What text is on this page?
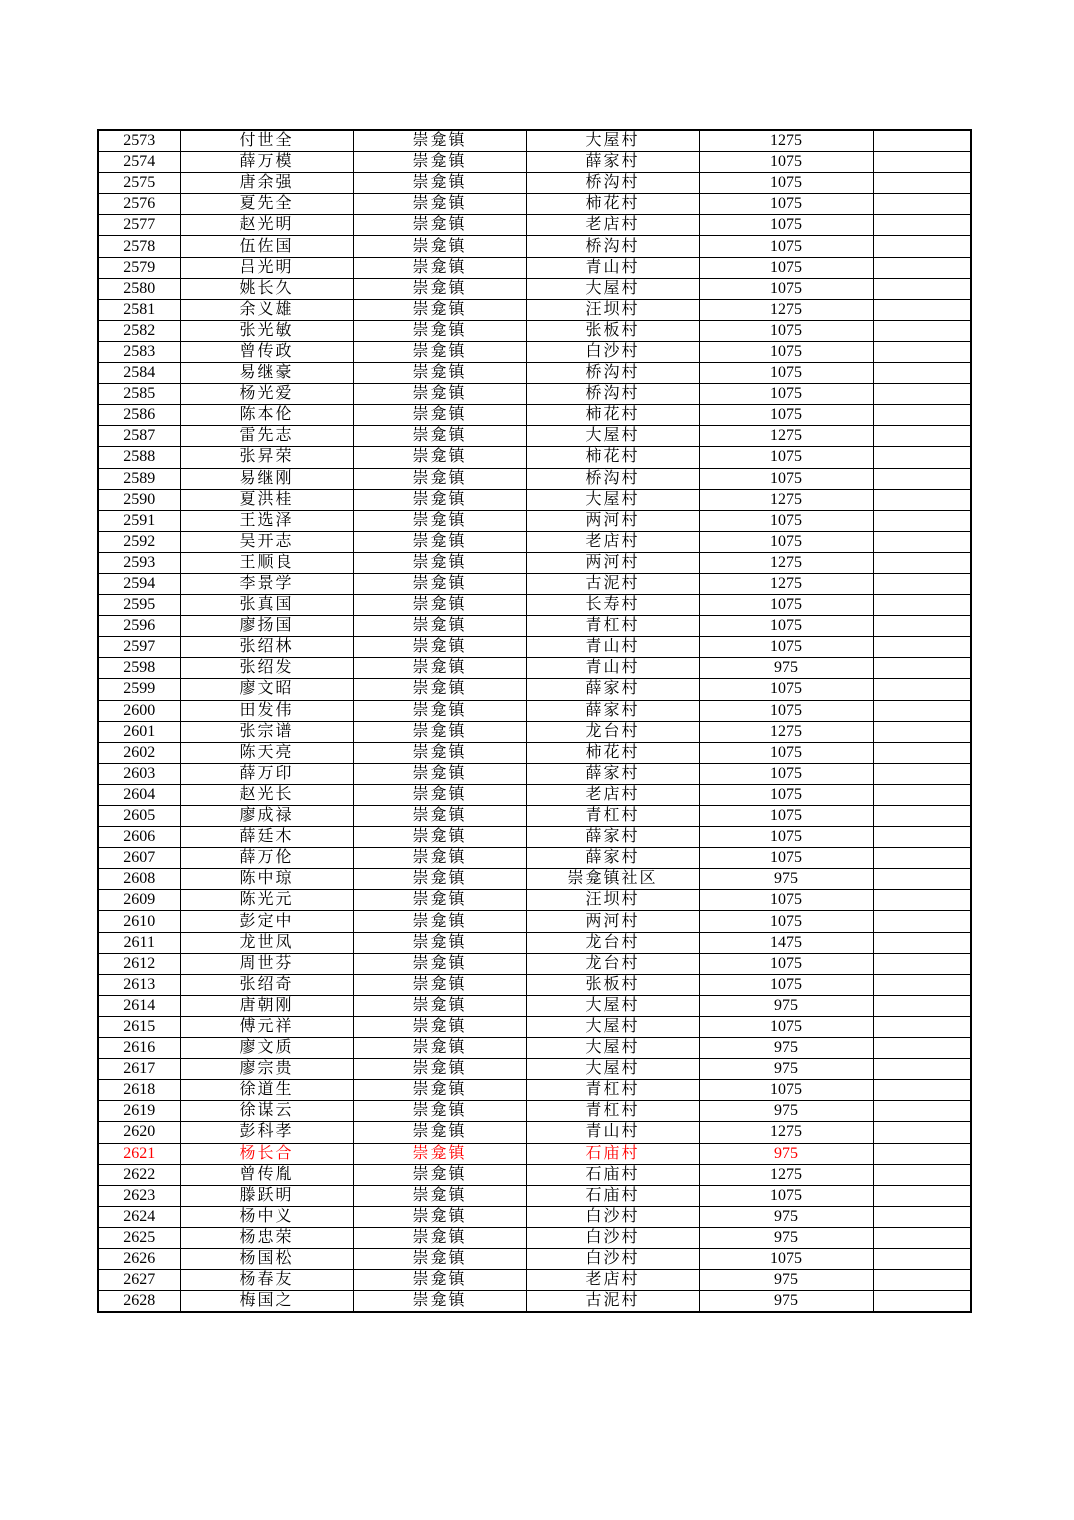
2573	付世全	崇龛镇	大屋村	1275	
2574	薛万模	崇龛镇	薛家村	1075	
2575	唐余强	崇龛镇	桥沟村	1075	
2576	夏先全	崇龛镇	柿花村	1075	
2577	赵光明	崇龛镇	老店村	1075	
2578	伍佐国	崇龛镇	桥沟村	1075	
2579	吕光明	崇龛镇	青山村	1075	
2580	姚长久	崇龛镇	大屋村	1075	
2581	余义雄	崇龛镇	汪坝村	1275	
2582	张光敏	崇龛镇	张板村	1075	
2583	曾传政	崇龛镇	白沙村	1075	
2584	易继豪	崇龛镇	桥沟村	1075	
2585	杨光爱	崇龛镇	桥沟村	1075	
2586	陈本伦	崇龛镇	柿花村	1075	
2587	雷先志	崇龛镇	大屋村	1275	
2588	张昇荣	崇龛镇	柿花村	1075	
2589	易继刚	崇龛镇	桥沟村	1075	
2590	夏洪桂	崇龛镇	大屋村	1275	
2591	王选泽	崇龛镇	两河村	1075	
2592	吴开志	崇龛镇	老店村	1075	
2593	王顺良	崇龛镇	两河村	1275	
2594	李景学	崇龛镇	古泥村	1275	
2595	张真国	崇龛镇	长寿村	1075	
2596	廖扬国	崇龛镇	青杠村	1075	
2597	张绍林	崇龛镇	青山村	1075	
2598	张绍发	崇龛镇	青山村	975	
2599	廖文昭	崇龛镇	薛家村	1075	
2600	田发伟	崇龛镇	薛家村	1075	
2601	张宗谱	崇龛镇	龙台村	1275	
2602	陈天亮	崇龛镇	柿花村	1075	
2603	薛万印	崇龛镇	薛家村	1075	
2604	赵光长	崇龛镇	老店村	1075	
2605	廖成禄	崇龛镇	青杠村	1075	
2606	薛廷木	崇龛镇	薛家村	1075	
2607	薛万伦	崇龛镇	薛家村	1075	
2608	陈中琼	崇龛镇	崇龛镇社区	975	
2609	陈光元	崇龛镇	汪坝村	1075	
2610	彭定中	崇龛镇	两河村	1075	
2611	龙世凤	崇龛镇	龙台村	1475	
2612	周世芬	崇龛镇	龙台村	1075	
2613	张绍奇	崇龛镇	张板村	1075	
2614	唐朝刚	崇龛镇	大屋村	975	
2615	傅元祥	崇龛镇	大屋村	1075	
2616	廖文质	崇龛镇	大屋村	975	
2617	廖宗贵	崇龛镇	大屋村	975	
2618	徐道生	崇龛镇	青杠村	1075	
2619	徐谋云	崇龛镇	青杠村	975	
2620	彭科孝	崇龛镇	青山村	1275	
2621	杨长合	崇龛镇	石庙村	975	
2622	曾传胤	崇龛镇	石庙村	1275	
2623	滕跃明	崇龛镇	石庙村	1075	
2624	杨中义	崇龛镇	白沙村	975	
2625	杨忠荣	崇龛镇	白沙村	975	
2626	杨国松	崇龛镇	白沙村	1075	
2627	杨春友	崇龛镇	老店村	975	
2628	梅国之	崇龛镇	古泥村	975	
